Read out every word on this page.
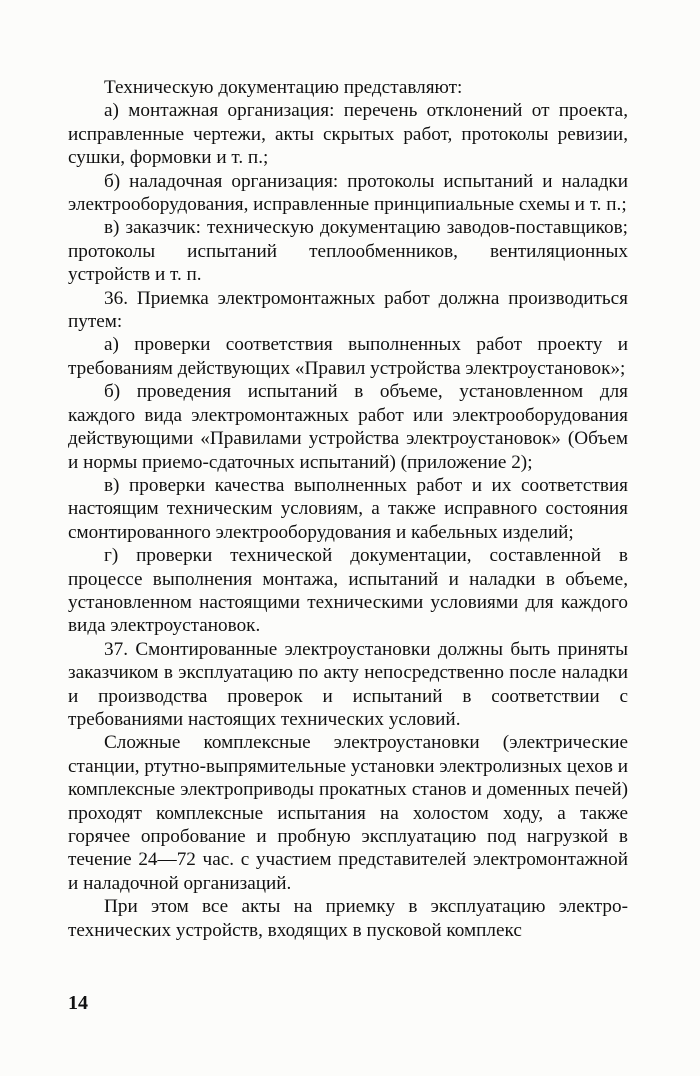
Техническую документацию представляют:

а) монтажная организация: перечень отклонений от проекта, исправленные чертежи, акты скрытых работ, протоколы ревизии, сушки, формовки и т. п.;

б) наладочная организация: протоколы испытаний и наладки электрооборудования, исправленные принципиальные схемы и т. п.;

в) заказчик: техническую документацию заводов-поставщиков; протоколы испытаний теплообменников, вентиляционных устройств и т. п.

36. Приемка электромонтажных работ должна производиться путем:

а) проверки соответствия выполненных работ проекту и требованиям действующих «Правил устройства электроустановок»;

б) проведения испытаний в объеме, установленном для каждого вида электромонтажных работ или электрооборудования действующими «Правилами устройства электроустановок» (Объем и нормы приемо-сдаточных испытаний) (приложение 2);

в) проверки качества выполненных работ и их соответствия настоящим техническим условиям, а также исправного состояния смонтированного электрооборудования и кабельных изделий;

г) проверки технической документации, составленной в процессе выполнения монтажа, испытаний и наладки в объеме, установленном настоящими техническими условиями для каждого вида электроустановок.

37. Смонтированные электроустановки должны быть приняты заказчиком в эксплуатацию по акту непосредственно после наладки и производства проверок и испытаний в соответствии с требованиями настоящих технических условий.

Сложные комплексные электроустановки (электрические станции, ртутно-выпрямительные установки электролизных цехов и комплексные электроприводы прокатных станов и доменных печей) проходят комплексные испытания на холостом ходу, а также горячее опробование и пробную эксплуатацию под нагрузкой в течение 24—72 час. с участием представителей электромонтажной и наладочной организаций.

При этом все акты на приемку в эксплуатацию электротехнических устройств, входящих в пусковой комплекс

14
